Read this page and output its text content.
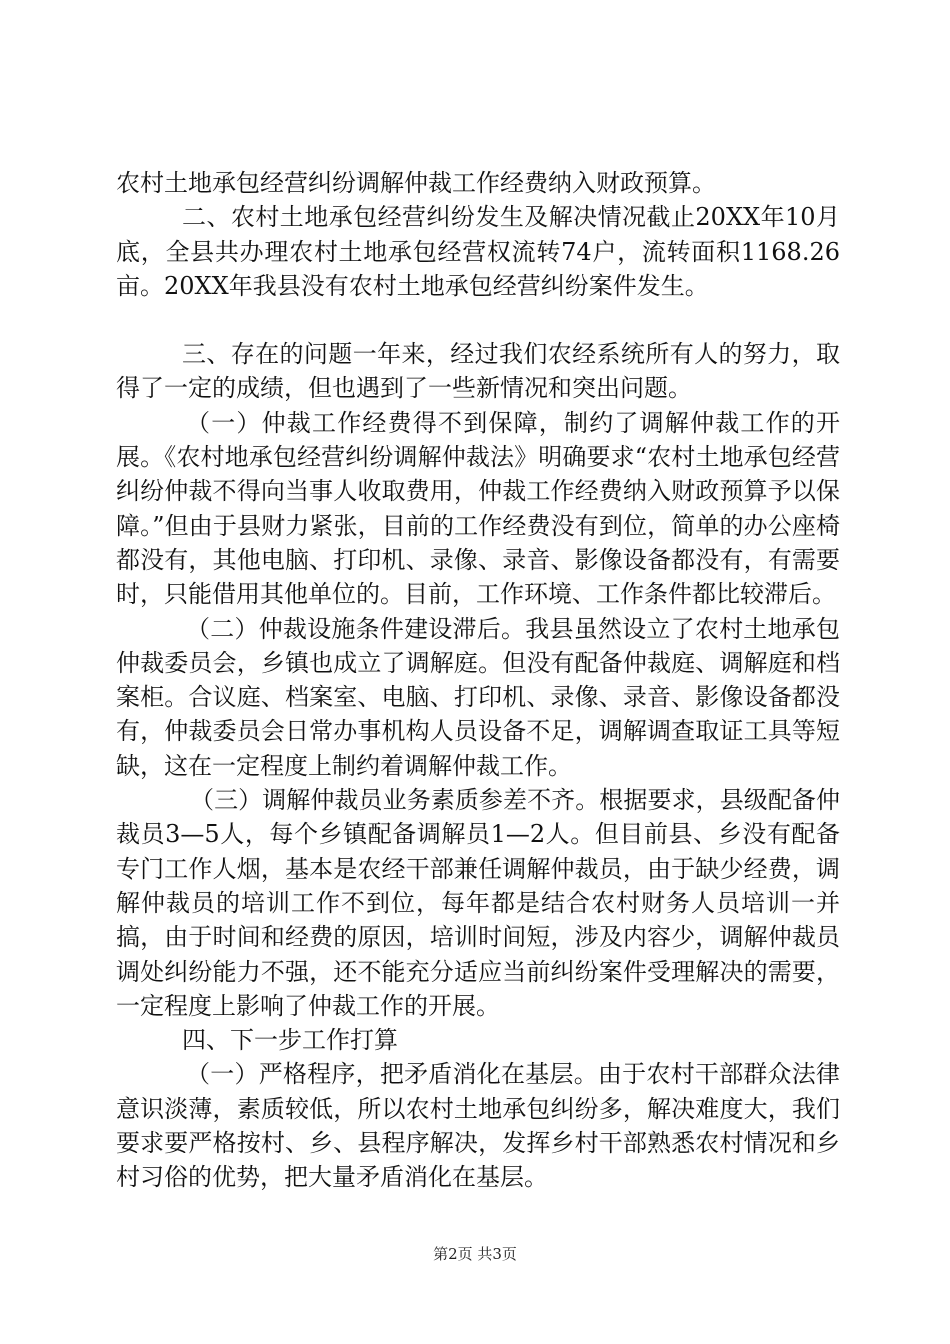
农村土地承包经营纠纷调解仲裁工作经费纳入财政预算。

二、农村土地承包经营纠纷发生及解决情况截止20XX年10月底，全县共办理农村土地承包经营权流转74户，流转面积1168.26亩。20XX年我县没有农村土地承包经营纠纷案件发生。

三、存在的问题一年来，经过我们农经系统所有人的努力，取得了一定的成绩，但也遇到了一些新情况和突出问题。

（一）仲裁工作经费得不到保障，制约了调解仲裁工作的开展。《农村地承包经营纠纷调解仲裁法》明确要求“农村土地承包经营纠纷仲裁不得向当事人收取费用，仲裁工作经费纳入财政预算予以保障。”但由于县财力紧张，目前的工作经费没有到位，简单的办公座椅都没有，其他电脑、打印机、录像、录音、影像设备都没有，有需要时，只能借用其他单位的。目前，工作环境、工作条件都比较滞后。

（二）仲裁设施条件建设滞后。我县虽然设立了农村土地承包仲裁委员会，乡镇也成立了调解庭。但没有配备仲裁庭、调解庭和档案柜。合议庭、档案室、电脑、打印机、录像、录音、影像设备都没有，仲裁委员会日常办事机构人员设备不足，调解调查取证工具等短缺，这在一定程度上制约着调解仲裁工作。

（三）调解仲裁员业务素质参差不齐。根据要求，县级配备仲裁员3—5人，每个乡镇配备调解员1—2人。但目前县、乡没有配备专门工作人烟，基本是农经干部兼任调解仲裁员，由于缺少经费，调解仲裁员的培训工作不到位，每年都是结合农村财务人员培训一并搞，由于时间和经费的原因，培训时间短，涉及内容少，调解仲裁员调处纠纷能力不强，还不能充分适应当前纠纷案件受理解决的需要，一定程度上影响了仲裁工作的开展。

四、下一步工作打算

（一）严格程序，把矛盾消化在基层。由于农村干部群众法律意识淡薄，素质较低，所以农村土地承包纠纷多，解决难度大，我们要求要严格按村、乡、县程序解决，发挥乡村干部熟悉农村情况和乡村习俗的优势，把大量矛盾消化在基层。

第2页 共3页
